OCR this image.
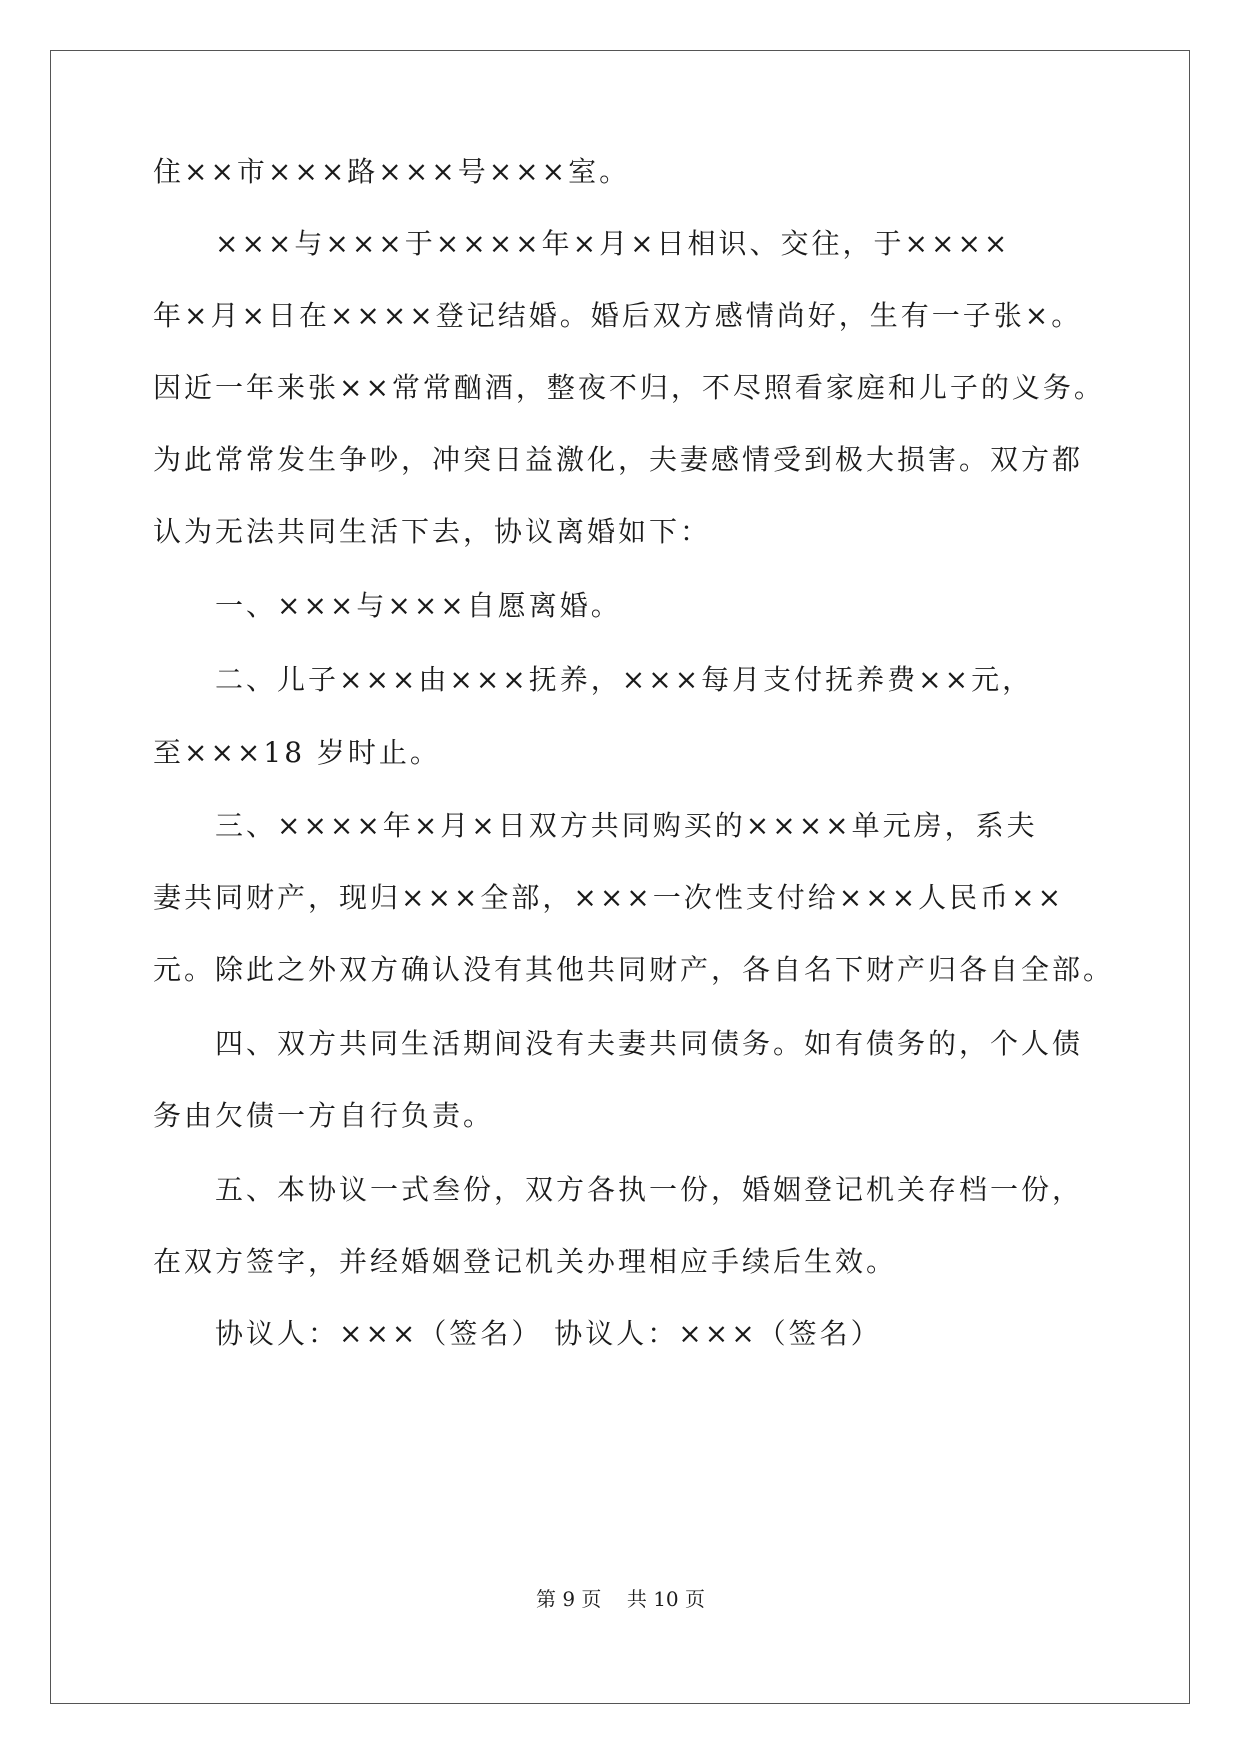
住××市×××路×××号×××室。
×××与×××于××××年×月×日相识、交往，于××××
年×月×日在××××登记结婚。婚后双方感情尚好，生有一子张×。
因近一年来张××常常酗酒，整夜不归，不尽照看家庭和儿子的义务。
为此常常发生争吵，冲突日益激化，夫妻感情受到极大损害。双方都
认为无法共同生活下去，协议离婚如下：
一、×××与×××自愿离婚。
二、儿子×××由×××抚养，×××每月支付抚养费××元，
至×××18 岁时止。
三、××××年×月×日双方共同购买的××××单元房，系夫
妻共同财产，现归×××全部，×××一次性支付给×××人民币××
元。除此之外双方确认没有其他共同财产，各自名下财产归各自全部。
四、双方共同生活期间没有夫妻共同债务。如有债务的，个人债
务由欠债一方自行负责。
五、本协议一式叁份，双方各执一份，婚姻登记机关存档一份，
在双方签字，并经婚姻登记机关办理相应手续后生效。
协议人：×××（签名） 协议人：×××（签名）
第 9 页    共 10 页
